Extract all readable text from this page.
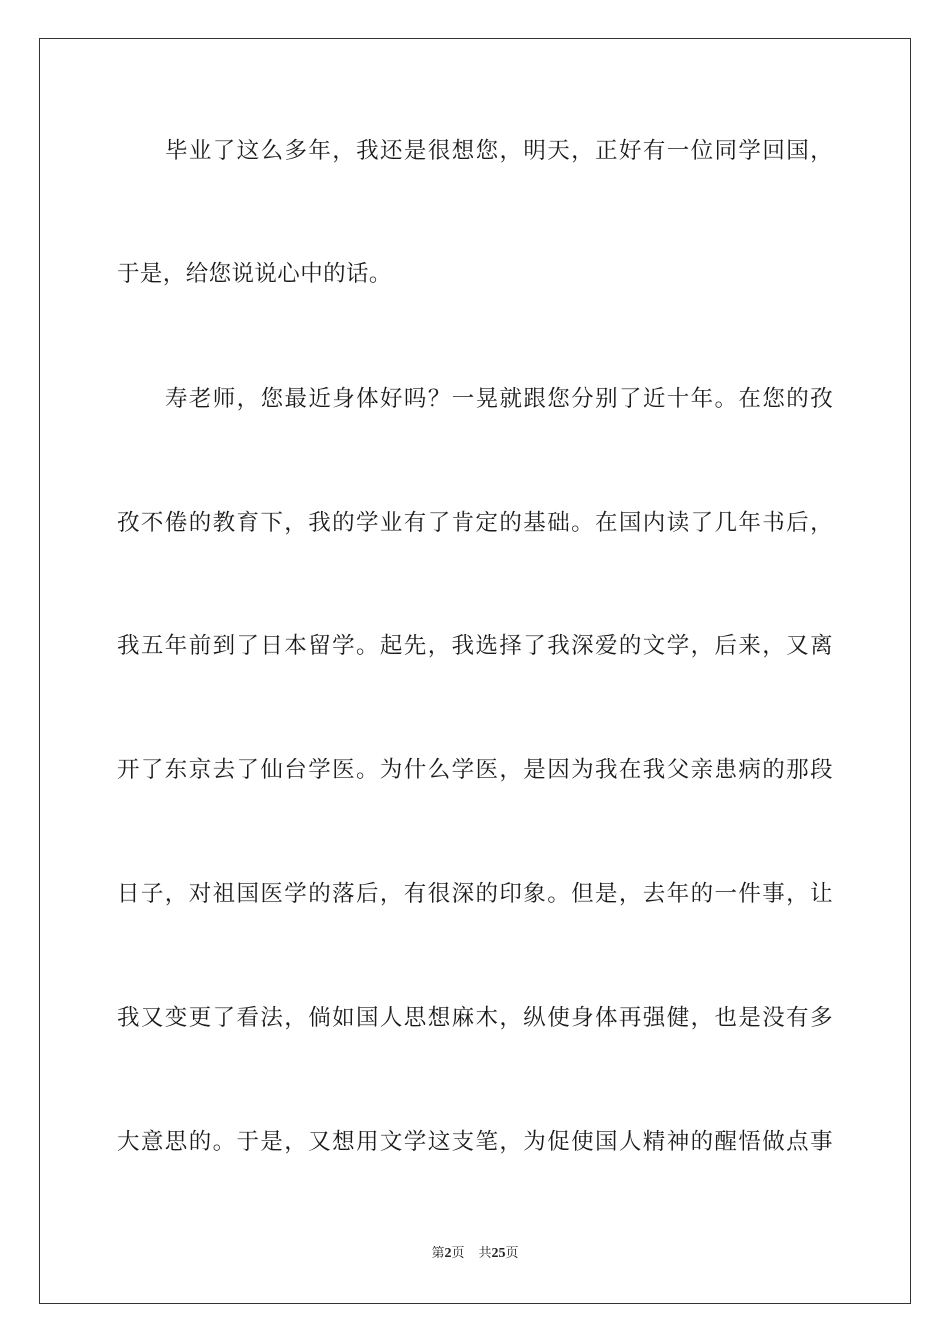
毕业了这么多年，我还是很想您，明天，正好有一位同学回国，
于是，给您说说心中的话。
寿老师，您最近身体好吗？一晃就跟您分别了近十年。在您的孜
孜不倦的教育下，我的学业有了肯定的基础。在国内读了几年书后，
我五年前到了日本留学。起先，我选择了我深爱的文学，后来，又离
开了东京去了仙台学医。为什么学医，是因为我在我父亲患病的那段
日子，对祖国医学的落后，有很深的印象。但是，去年的一件事，让
我又变更了看法，倘如国人思想麻木，纵使身体再强健，也是没有多
大意思的。于是，又想用文学这支笔，为促使国人精神的醒悟做点事
第2页 共25页
